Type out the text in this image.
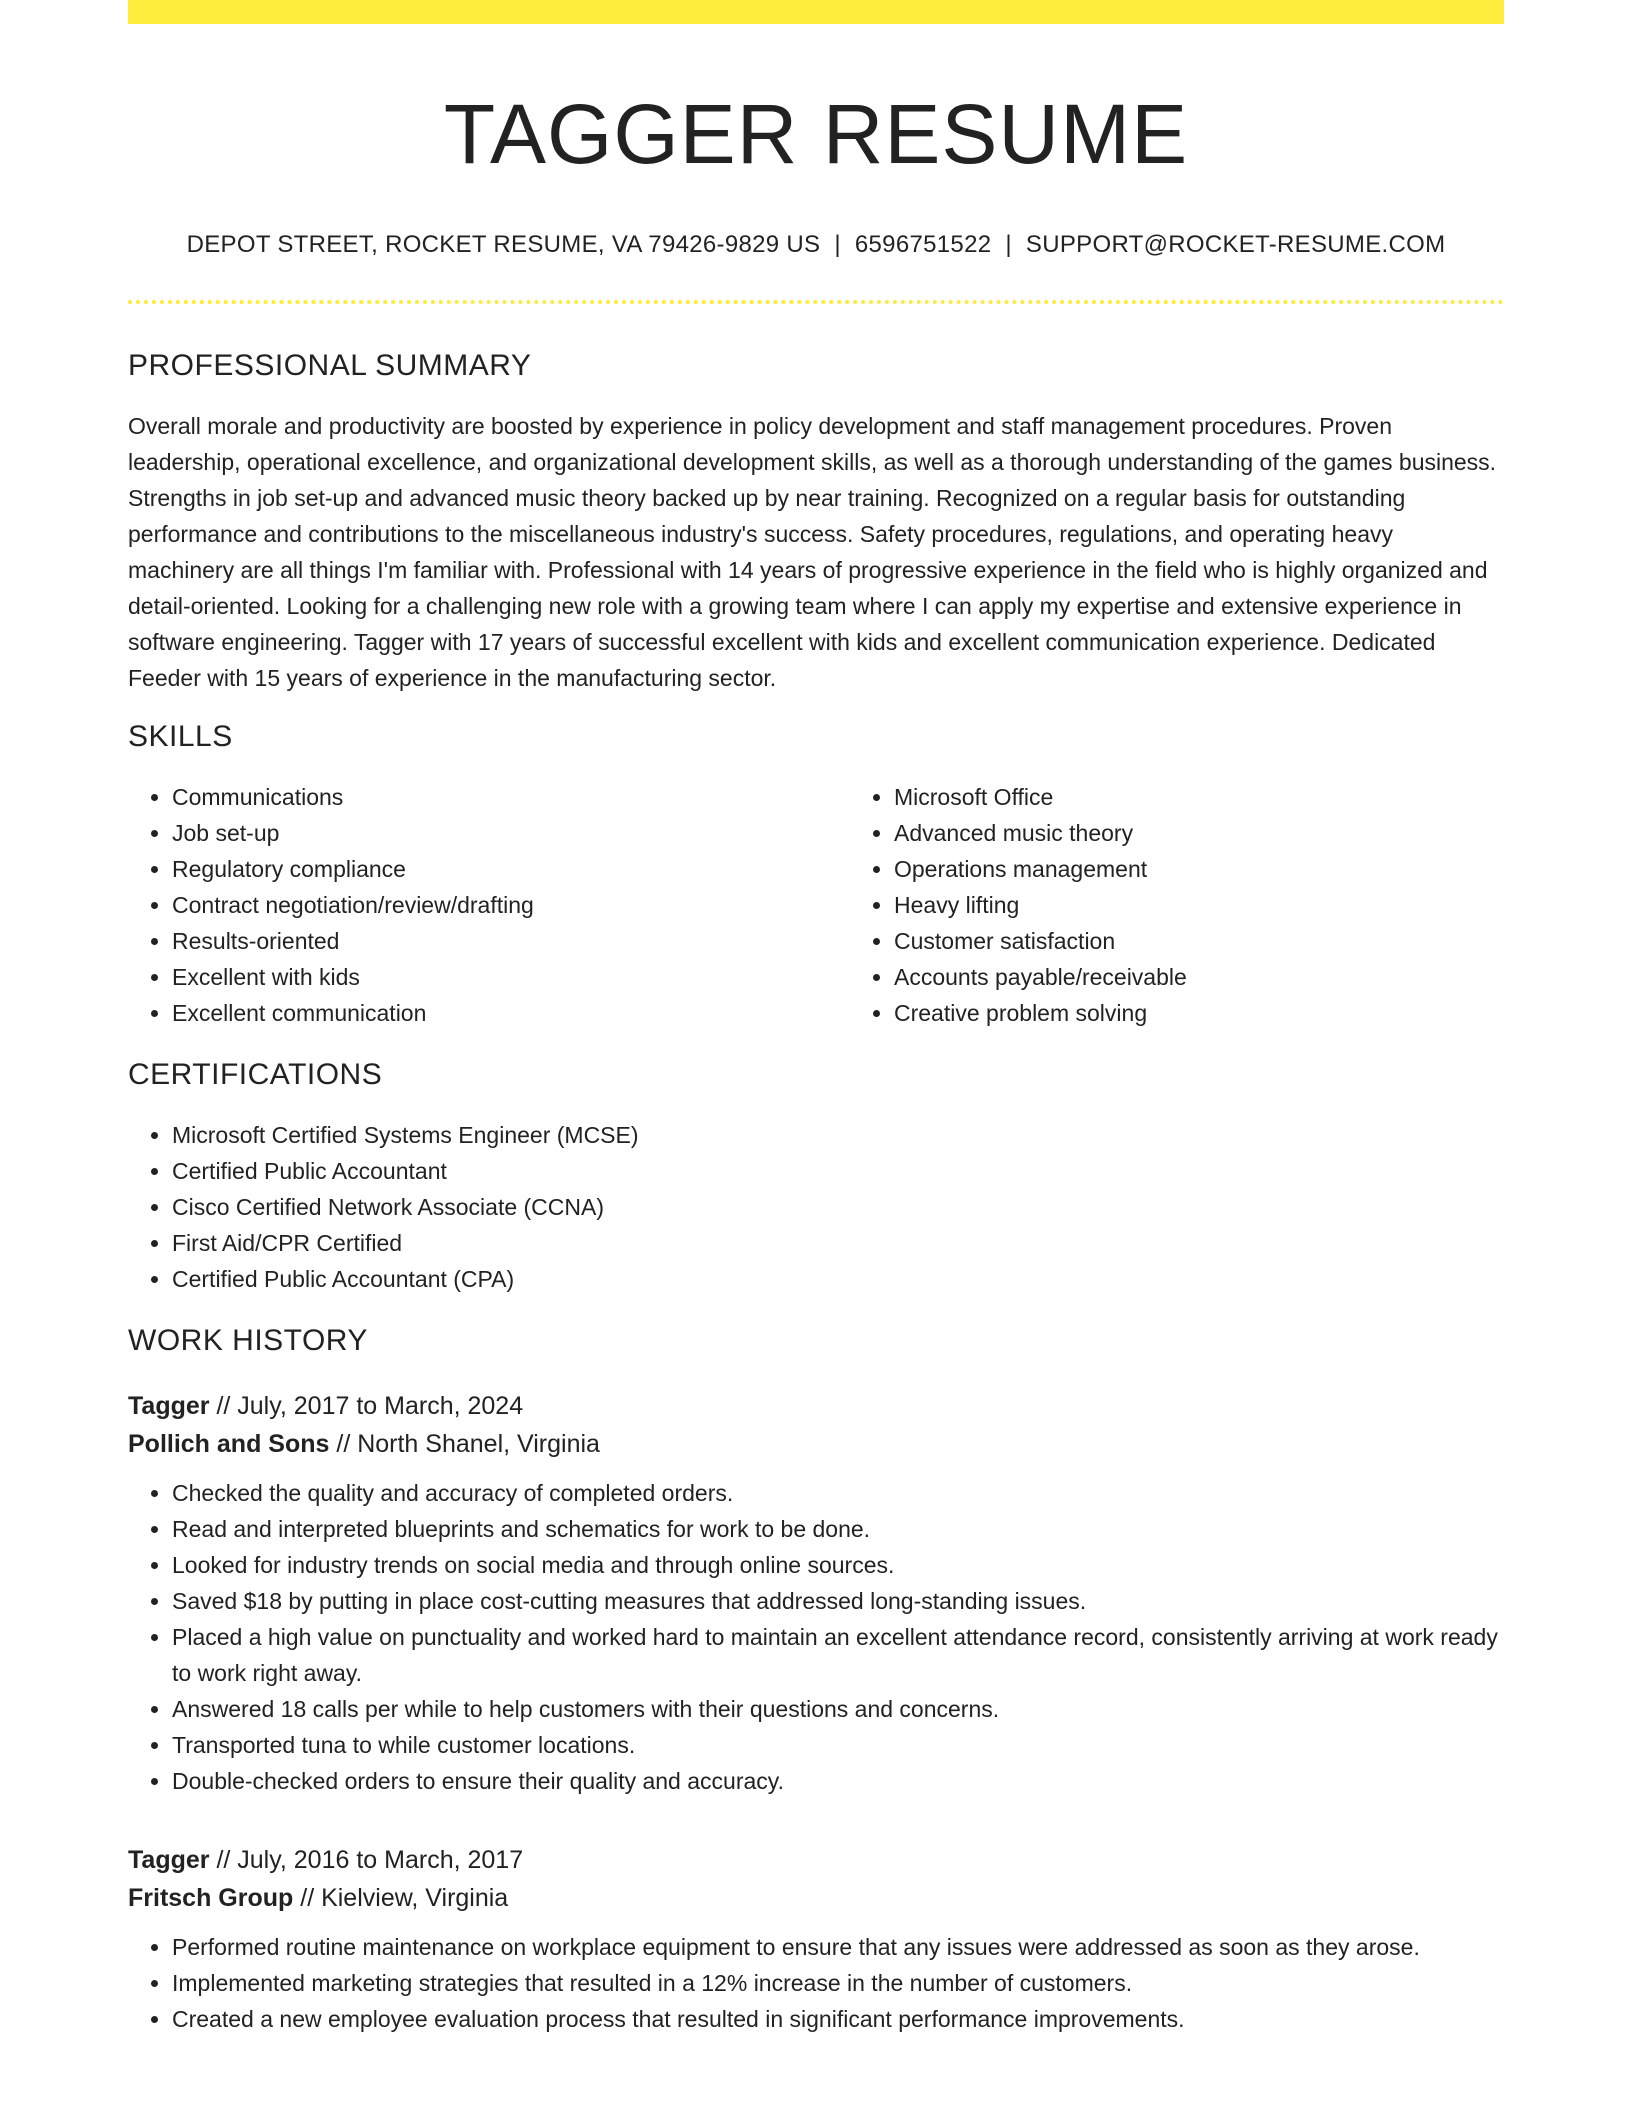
TAGGER RESUME
DEPOT STREET, ROCKET RESUME, VA 79426-9829 US | 6596751522 | SUPPORT@ROCKET-RESUME.COM
PROFESSIONAL SUMMARY

Overall morale and productivity are boosted by experience in policy development and staff management procedures. Proven leadership, operational excellence, and organizational development skills, as well as a thorough understanding of the games business. Strengths in job set-up and advanced music theory backed up by near training. Recognized on a regular basis for outstanding performance and contributions to the miscellaneous industry's success. Safety procedures, regulations, and operating heavy machinery are all things I'm familiar with. Professional with 14 years of progressive experience in the field who is highly organized and detail-oriented. Looking for a challenging new role with a growing team where I can apply my expertise and extensive experience in software engineering. Tagger with 17 years of successful excellent with kids and excellent communication experience. Dedicated Feeder with 15 years of experience in the manufacturing sector.

SKILLS
• Communications
• Job set-up
• Regulatory compliance
• Contract negotiation/review/drafting
• Results-oriented
• Excellent with kids
• Excellent communication
• Microsoft Office
• Advanced music theory
• Operations management
• Heavy lifting
• Customer satisfaction
• Accounts payable/receivable
• Creative problem solving
CERTIFICATIONS
• Microsoft Certified Systems Engineer (MCSE)
• Certified Public Accountant
• Cisco Certified Network Associate (CCNA)
• First Aid/CPR Certified
• Certified Public Accountant (CPA)
WORK HISTORY
Tagger // July, 2017 to March, 2024
Pollich and Sons // North Shanel, Virginia
• Checked the quality and accuracy of completed orders.
• Read and interpreted blueprints and schematics for work to be done.
• Looked for industry trends on social media and through online sources.
• Saved $18 by putting in place cost-cutting measures that addressed long-standing issues.
• Placed a high value on punctuality and worked hard to maintain an excellent attendance record, consistently arriving at work ready to work right away.
• Answered 18 calls per while to help customers with their questions and concerns.
• Transported tuna to while customer locations.
• Double-checked orders to ensure their quality and accuracy.
Tagger // July, 2016 to March, 2017
Fritsch Group // Kielview, Virginia
• Performed routine maintenance on workplace equipment to ensure that any issues were addressed as soon as they arose.
• Implemented marketing strategies that resulted in a 12% increase in the number of customers.
• Created a new employee evaluation process that resulted in significant performance improvements.
